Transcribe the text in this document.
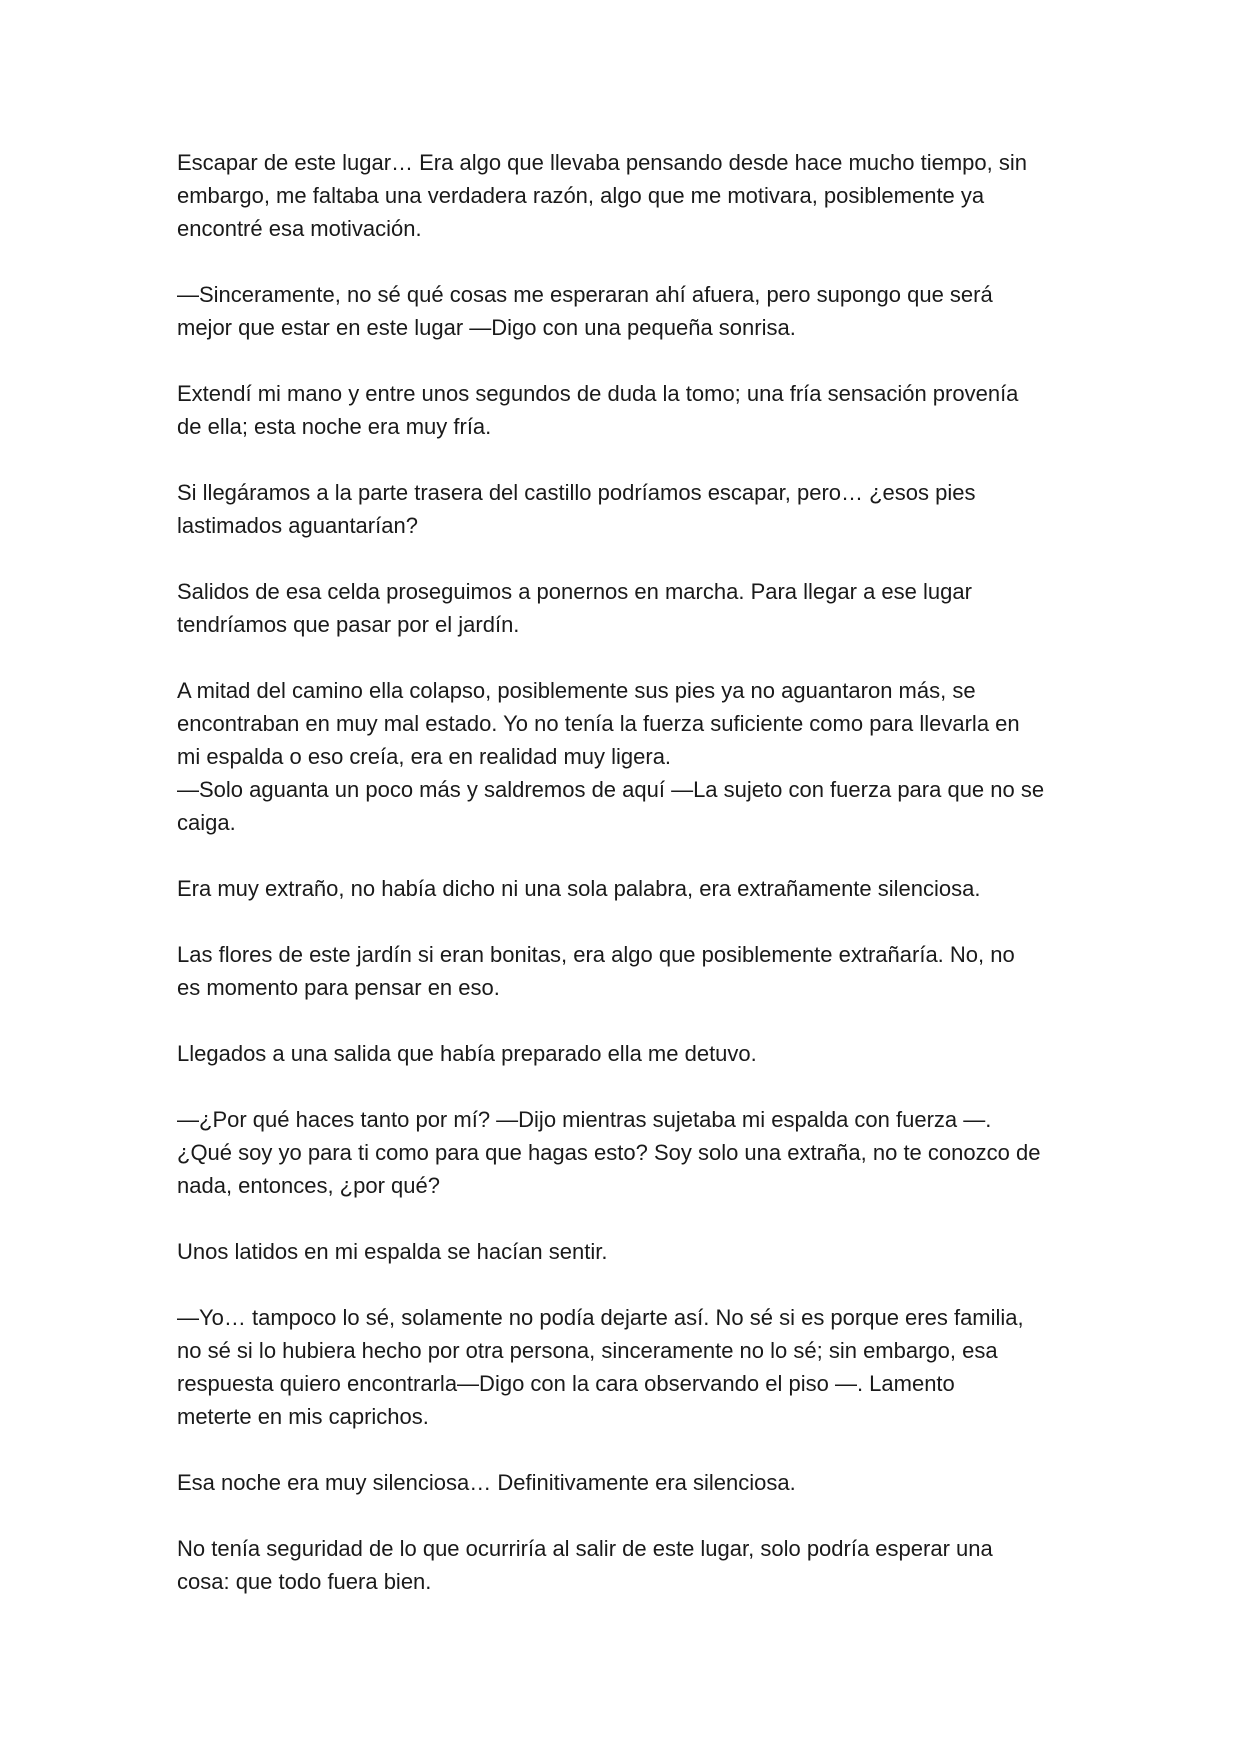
Escapar de este lugar… Era algo que llevaba pensando desde hace mucho tiempo, sin
embargo, me faltaba una verdadera razón, algo que me motivara, posiblemente ya
encontré esa motivación.

—Sinceramente, no sé qué cosas me esperaran ahí afuera, pero supongo que será
mejor que estar en este lugar —Digo con una pequeña sonrisa.

Extendí mi mano y entre unos segundos de duda la tomo; una fría sensación provenía
de ella; esta noche era muy fría.

Si llegáramos a la parte trasera del castillo podríamos escapar, pero… ¿esos pies
lastimados aguantarían?

Salidos de esa celda proseguimos a ponernos en marcha. Para llegar a ese lugar
tendríamos que pasar por el jardín.

A mitad del camino ella colapso, posiblemente sus pies ya no aguantaron más, se
encontraban en muy mal estado. Yo no tenía la fuerza suficiente como para llevarla en
mi espalda o eso creía, era en realidad muy ligera.
—Solo aguanta un poco más y saldremos de aquí —La sujeto con fuerza para que no se
caiga.

Era muy extraño, no había dicho ni una sola palabra, era extrañamente silenciosa.

Las flores de este jardín si eran bonitas, era algo que posiblemente extrañaría. No, no
es momento para pensar en eso.

Llegados a una salida que había preparado ella me detuvo.

—¿Por qué haces tanto por mí? —Dijo mientras sujetaba mi espalda con fuerza —.
¿Qué soy yo para ti como para que hagas esto? Soy solo una extraña, no te conozco de
nada, entonces, ¿por qué?

Unos latidos en mi espalda se hacían sentir.

—Yo… tampoco lo sé, solamente no podía dejarte así. No sé si es porque eres familia,
no sé si lo hubiera hecho por otra persona, sinceramente no lo sé; sin embargo, esa
respuesta quiero encontrarla—Digo con la cara observando el piso —. Lamento
meterte en mis caprichos.

Esa noche era muy silenciosa… Definitivamente era silenciosa.

No tenía seguridad de lo que ocurriría al salir de este lugar, solo podría esperar una
cosa: que todo fuera bien.
